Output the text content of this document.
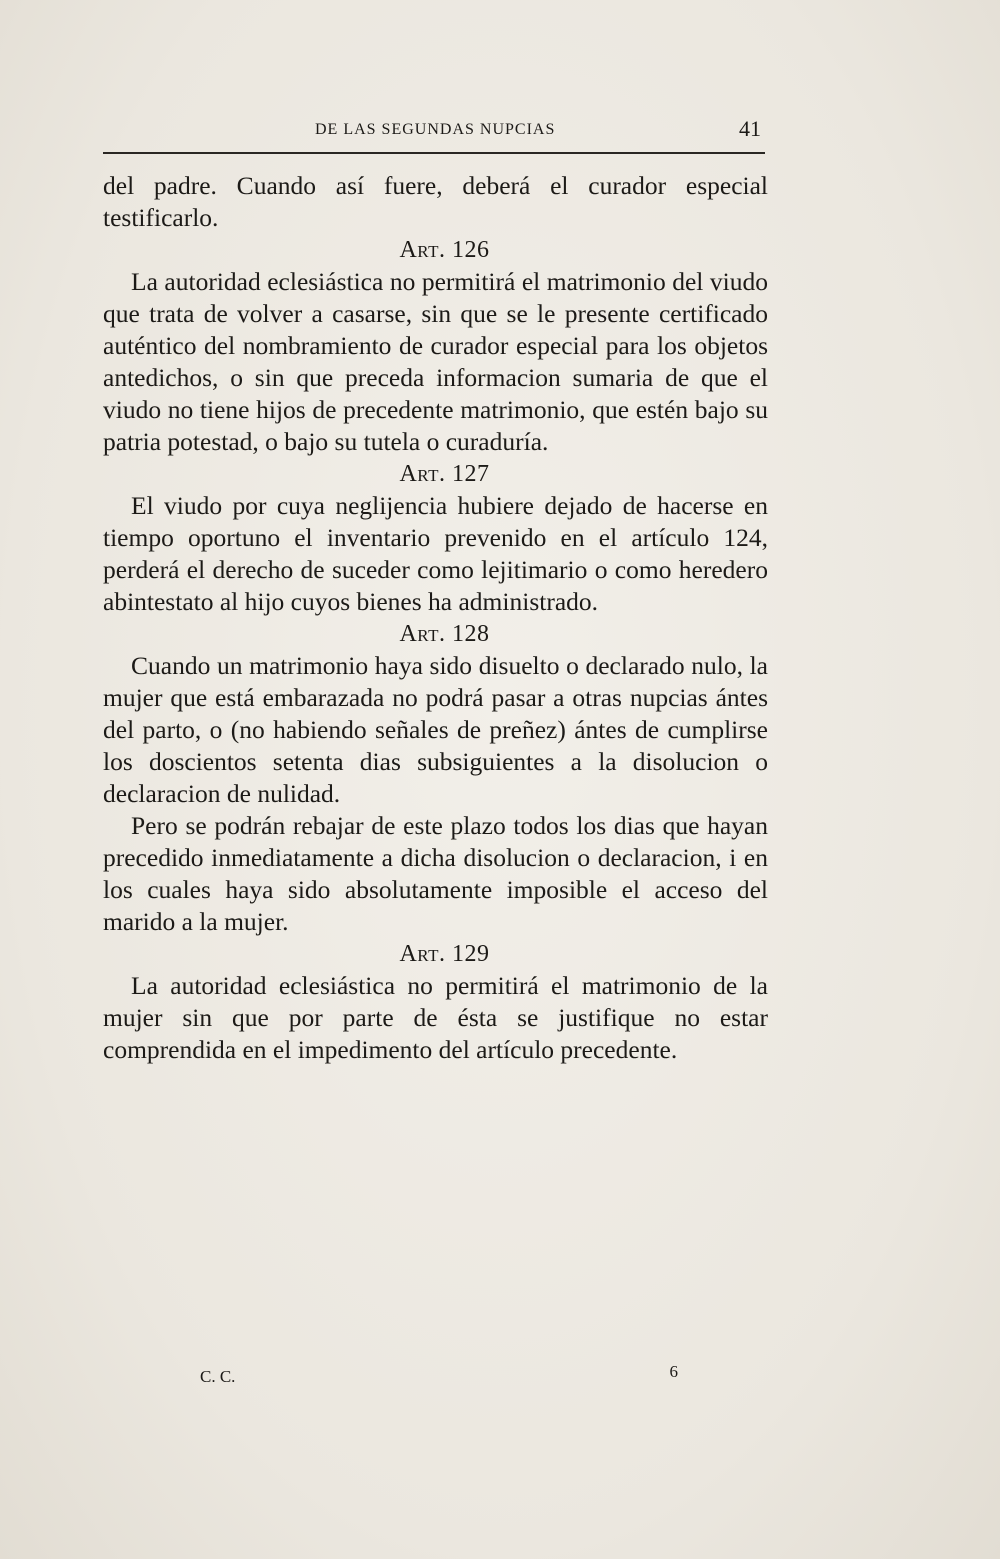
DE LAS SEGUNDAS NUPCIAS	41

del padre. Cuando así fuere, deberá el curador especial testificarlo.

Art. 126

La autoridad eclesiástica no permitirá el matrimonio del viudo que trata de volver a casarse, sin que se le presente certificado auténtico del nombramiento de curador especial para los objetos antedichos, o sin que preceda informacion sumaria de que el viudo no tiene hijos de precedente matrimonio, que estén bajo su patria potestad, o bajo su tutela o curaduría.

Art. 127

El viudo por cuya neglijencia hubiere dejado de hacerse en tiempo oportuno el inventario prevenido en el artículo 124, perderá el derecho de suceder como lejitimario o como heredero abintestato al hijo cuyos bienes ha administrado.

Art. 128

Cuando un matrimonio haya sido disuelto o declarado nulo, la mujer que está embarazada no podrá pasar a otras nupcias ántes del parto, o (no habiendo señales de preñez) ántes de cumplirse los doscientos setenta dias subsiguientes a la disolucion o declaracion de nulidad.

Pero se podrán rebajar de este plazo todos los dias que hayan precedido inmediatamente a dicha disolucion o declaracion, i en los cuales haya sido absolutamente imposible el acceso del marido a la mujer.

Art. 129

La autoridad eclesiástica no permitirá el matrimonio de la mujer sin que por parte de ésta se justifique no estar comprendida en el impedimento del artículo precedente.

C. C.	6
